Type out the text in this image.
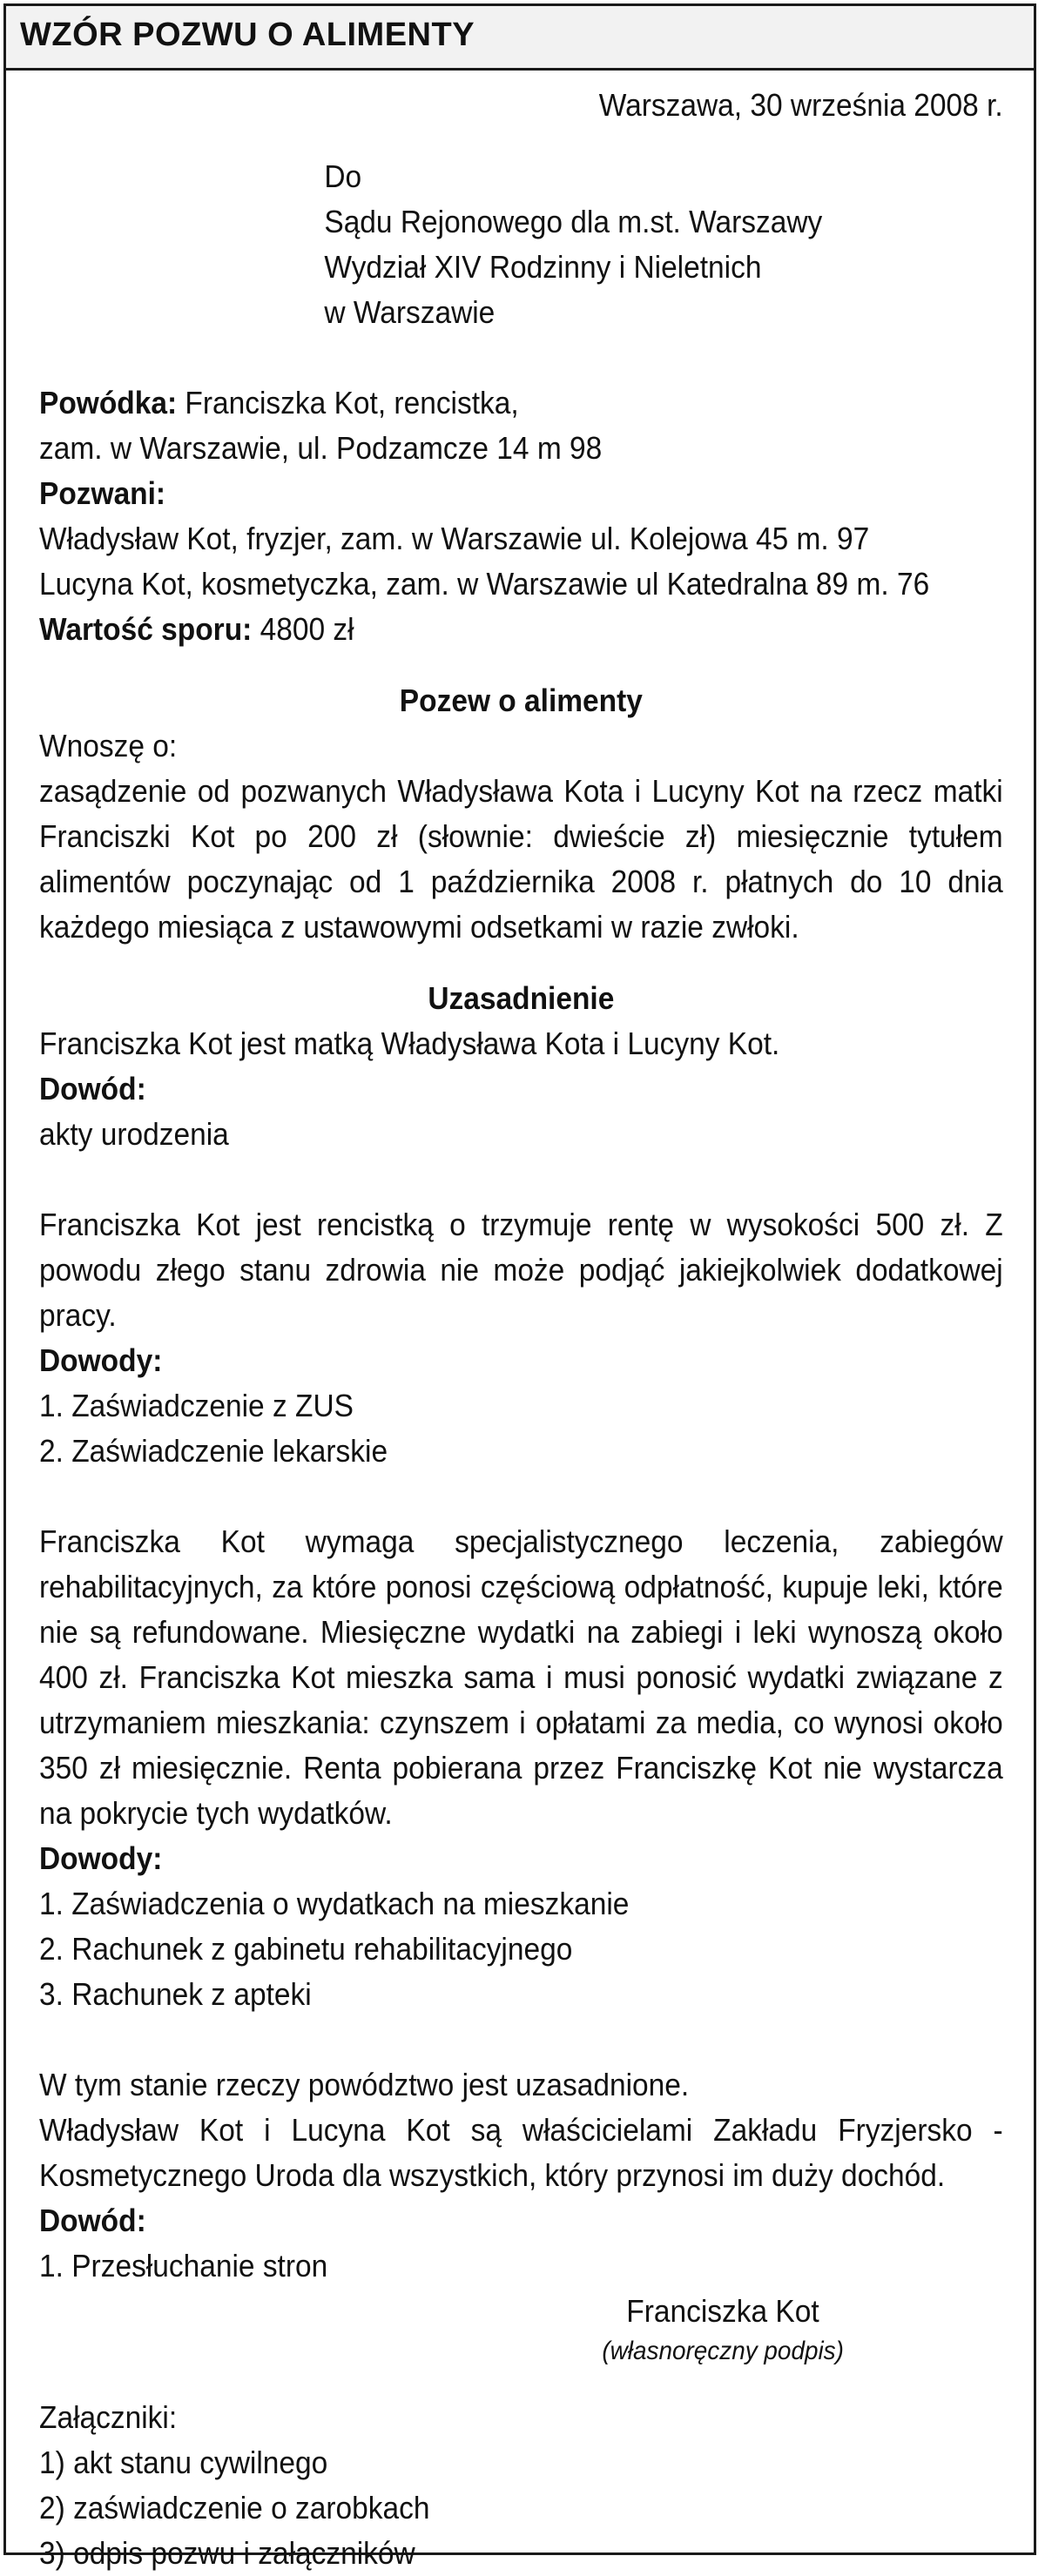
WZÓR POZWU O ALIMENTY

Warszawa, 30 września 2008 r.

Do

Sądu Rejonowego dla m.st. Warszawy

Wydział XIV Rodzinny i Nieletnich

w Warszawie

Powódka: Franciszka Kot, rencistka,

zam. w Warszawie, ul. Podzamcze 14 m 98

Pozwani:

Władysław Kot, fryzjer, zam. w Warszawie ul. Kolejowa 45 m. 97

Lucyna Kot, kosmetyczka, zam. w Warszawie ul Katedralna 89 m. 76

Wartość sporu: 4800 zł

Pozew o alimenty

Wnoszę o:

zasądzenie od pozwanych Władysława Kota i Lucyny Kot na rzecz matki Franciszki Kot po 200 zł (słownie: dwieście zł) miesięcznie tytułem alimentów poczynając od 1 października 2008 r. płatnych do 10 dnia każdego miesiąca z ustawowymi odsetkami w razie zwłoki.

Uzasadnienie

Franciszka Kot jest matką Władysława Kota i Lucyny Kot.

Dowód:

akty urodzenia

Franciszka Kot jest rencistką o trzymuje rentę w wysokości 500 zł. Z powodu złego stanu zdrowia nie może podjąć jakiejkolwiek dodatkowej pracy.

Dowody:

1. Zaświadczenie z ZUS

2. Zaświadczenie lekarskie

Franciszka Kot wymaga specjalistycznego leczenia, zabiegów rehabilitacyjnych, za które ponosi częściową odpłatność, kupuje leki, które nie są refundowane. Miesięczne wydatki na zabiegi i leki wynoszą około 400 zł. Franciszka Kot mieszka sama i musi ponosić wydatki związane z utrzymaniem mieszkania: czynszem i opłatami za media, co wynosi około 350 zł miesięcznie. Renta pobierana przez Franciszkę Kot nie wystarcza na pokrycie tych wydatków.

Dowody:

1. Zaświadczenia o wydatkach na mieszkanie

2. Rachunek z gabinetu rehabilitacyjnego

3. Rachunek z apteki

W tym stanie rzeczy powództwo jest uzasadnione.

Władysław Kot i Lucyna Kot są właścicielami Zakładu Fryzjersko -Kosmetycznego Uroda dla wszystkich, który przynosi im duży dochód.

Dowód:

1. Przesłuchanie stron

Franciszka Kot

(własnoręczny podpis)

Załączniki:

1) akt stanu cywilnego

2) zaświadczenie o zarobkach

3) odpis pozwu i załączników
